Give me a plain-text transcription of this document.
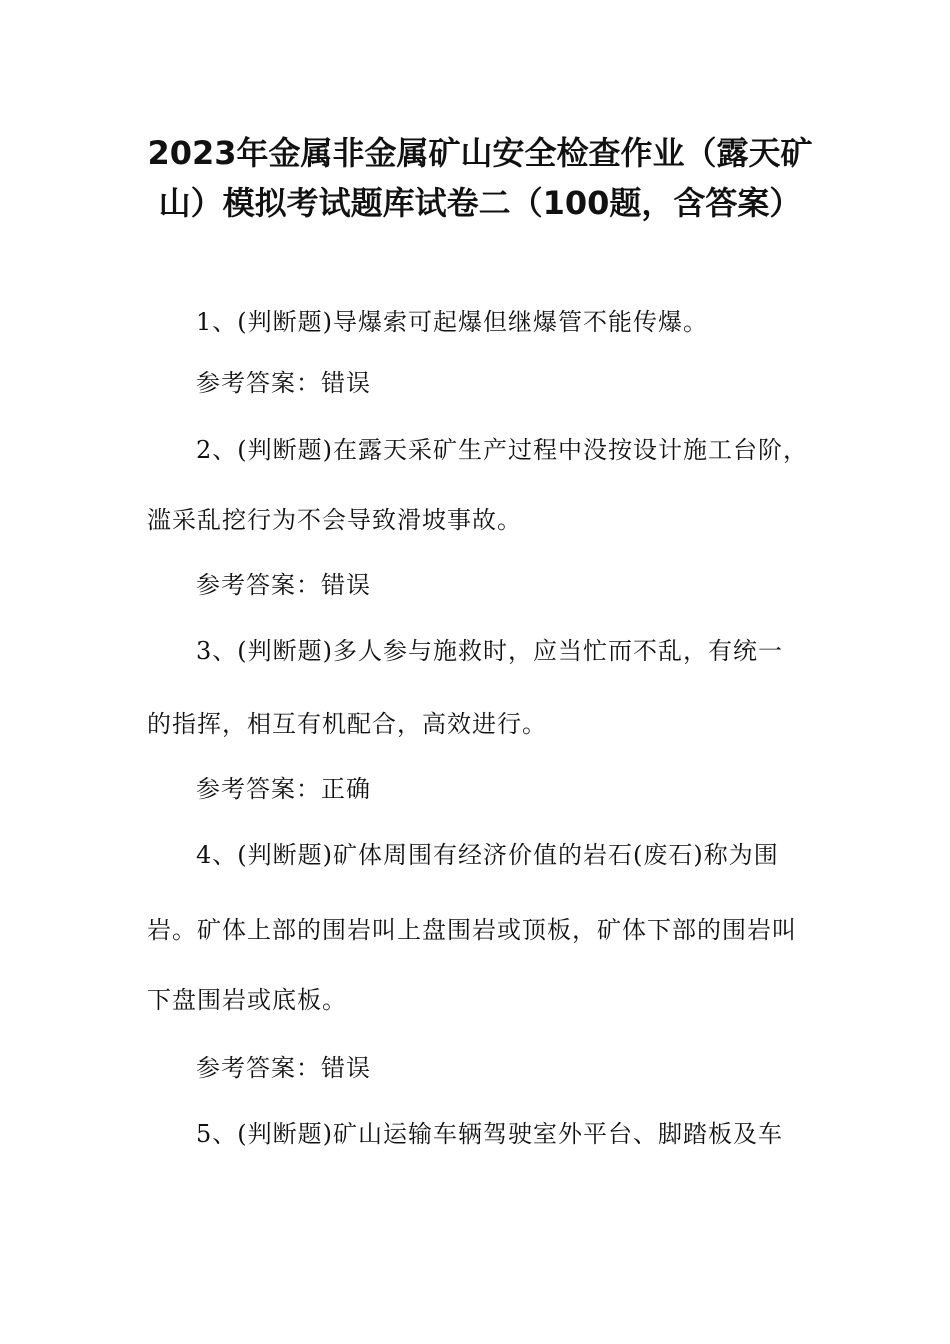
2023年金属非金属矿山安全检查作业（露天矿
山）模拟考试题库试卷二（100题，含答案）
1、(判断题)导爆索可起爆但继爆管不能传爆。
参考答案：错误
2、(判断题)在露天采矿生产过程中没按设计施工台阶，
滥采乱挖行为不会导致滑坡事故。
参考答案：错误
3、(判断题)多人参与施救时，应当忙而不乱，有统一
的指挥，相互有机配合，高效进行。
参考答案：正确
4、(判断题)矿体周围有经济价值的岩石(废石)称为围
岩。矿体上部的围岩叫上盘围岩或顶板，矿体下部的围岩叫
下盘围岩或底板。
参考答案：错误
5、(判断题)矿山运输车辆驾驶室外平台、脚踏板及车
